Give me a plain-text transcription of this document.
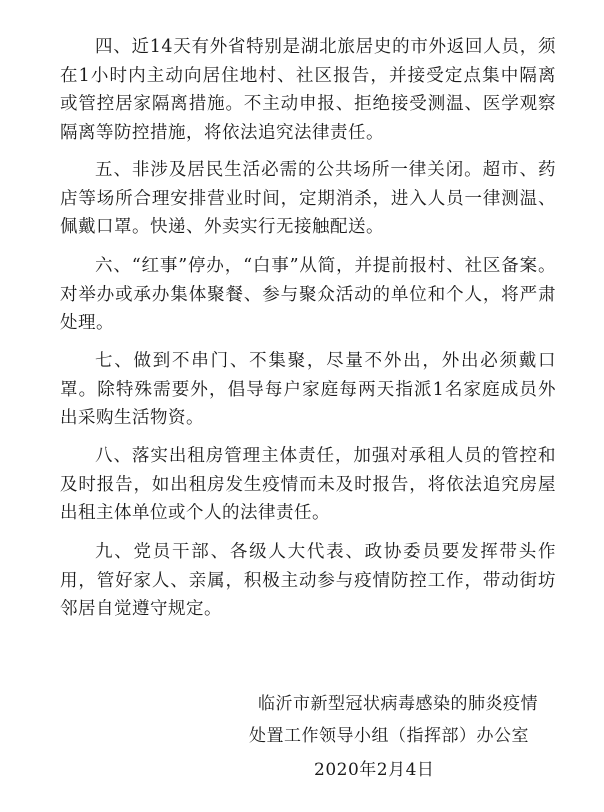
四、近14天有外省特别是湖北旅居史的市外返回人员，须在1小时内主动向居住地村、社区报告，并接受定点集中隔离或管控居家隔离措施。不主动申报、拒绝接受测温、医学观察隔离等防控措施，将依法追究法律责任。

五、非涉及居民生活必需的公共场所一律关闭。超市、药店等场所合理安排营业时间，定期消杀，进入人员一律测温、佩戴口罩。快递、外卖实行无接触配送。

六、“红事”停办，“白事”从简，并提前报村、社区备案。对举办或承办集体聚餐、参与聚众活动的单位和个人，将严肃处理。

七、做到不串门、不集聚，尽量不外出，外出必须戴口罩。除特殊需要外，倡导每户家庭每两天指派1名家庭成员外出采购生活物资。

八、落实出租房管理主体责任，加强对承租人员的管控和及时报告，如出租房发生疫情而未及时报告，将依法追究房屋出租主体单位或个人的法律责任。

九、党员干部、各级人大代表、政协委员要发挥带头作用，管好家人、亲属，积极主动参与疫情防控工作，带动街坊邻居自觉遵守规定。

临沂市新型冠状病毒感染的肺炎疫情
处置工作领导小组（指挥部）办公室
2020年2月4日
